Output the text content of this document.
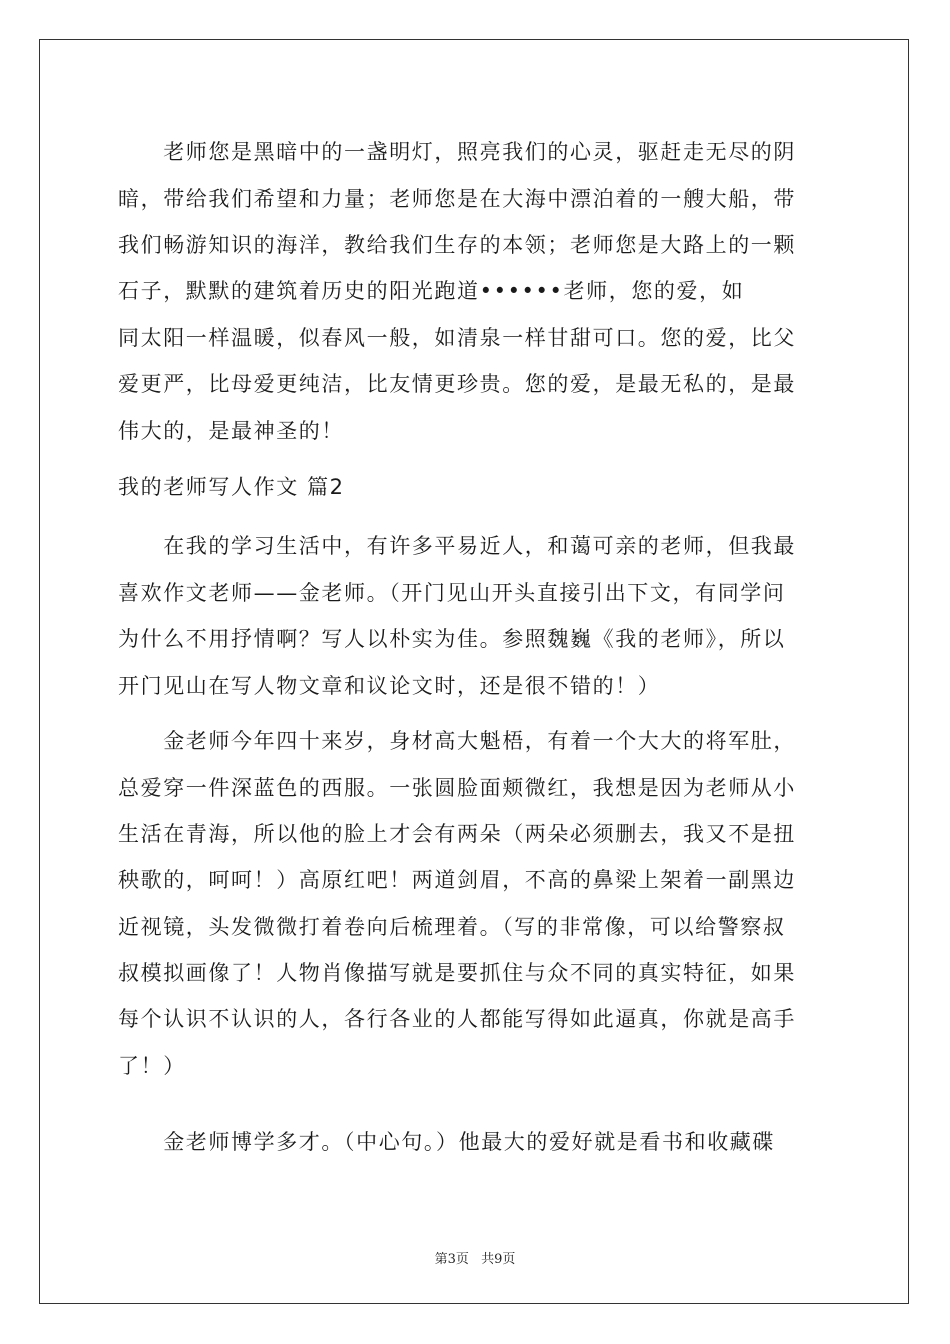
　　老师您是黑暗中的一盏明灯，照亮我们的心灵，驱赶走无尽的阴
暗，带给我们希望和力量；老师您是在大海中漂泊着的一艘大船，带
我们畅游知识的海洋，教给我们生存的本领；老师您是大路上的一颗
石子，默默的建筑着历史的阳光跑道••••••老师，您的爱，如
同太阳一样温暖，似春风一般，如清泉一样甘甜可口。您的爱，比父
爱更严，比母爱更纯洁，比友情更珍贵。您的爱，是最无私的，是最
伟大的，是最神圣的！
我的老师写人作文 篇2
　　在我的学习生活中，有许多平易近人，和蔼可亲的老师，但我最
喜欢作文老师——金老师。（开门见山开头直接引出下文，有同学问
为什么不用抒情啊？写人以朴实为佳。参照魏巍《我的老师》，所以
开门见山在写人物文章和议论文时，还是很不错的！）
　　金老师今年四十来岁，身材高大魁梧，有着一个大大的将军肚，
总爱穿一件深蓝色的西服。一张圆脸面颊微红，我想是因为老师从小
生活在青海，所以他的脸上才会有两朵（两朵必须删去，我又不是扭
秧歌的，呵呵！）高原红吧！两道剑眉，不高的鼻梁上架着一副黑边
近视镜，头发微微打着卷向后梳理着。（写的非常像，可以给警察叔
叔模拟画像了！人物肖像描写就是要抓住与众不同的真实特征，如果
每个认识不认识的人，各行各业的人都能写得如此逼真，你就是高手
了！）
　　金老师博学多才。（中心句。）他最大的爱好就是看书和收藏碟
第3页 共9页
